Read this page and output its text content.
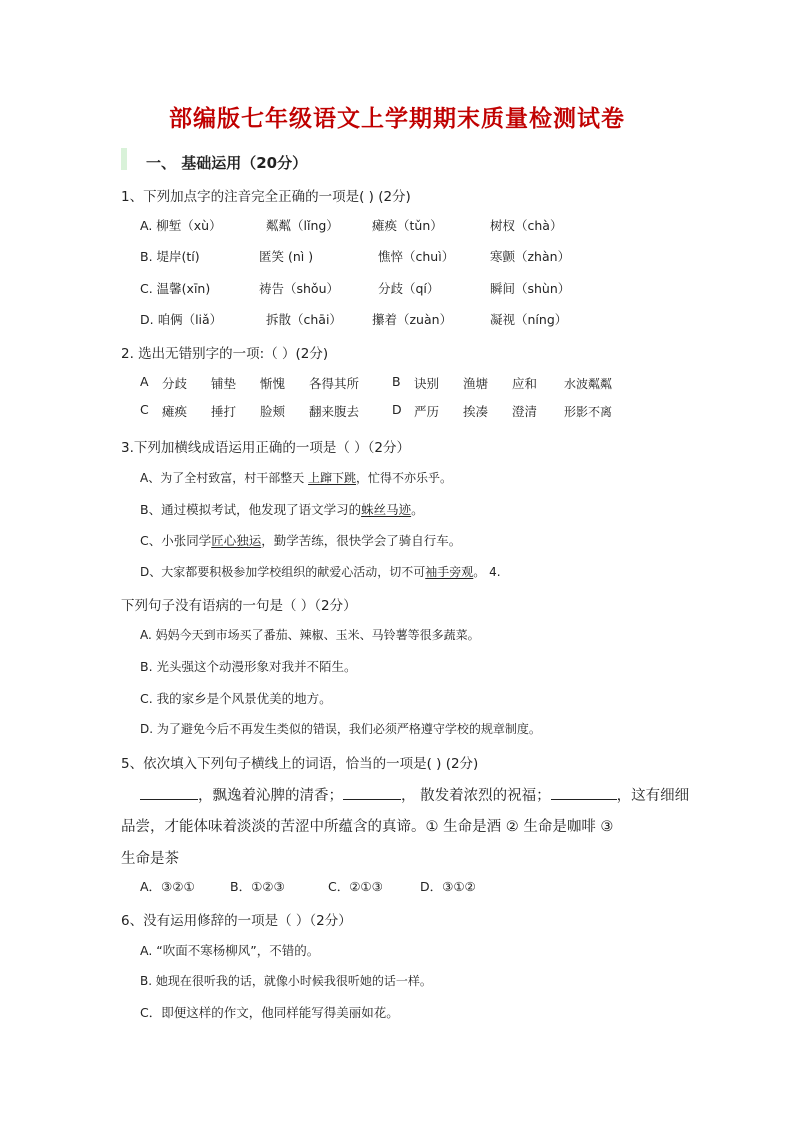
部编版七年级语文上学期期末质量检测试卷
一、 基础运用（20分）
1、下列加点字的注音完全正确的一项是( ) (2分)
A. 柳堑（xù）	粼粼（lǐng）	瘫痪（tǔn）	树杈（chà）
B. 堤岸(tí)	匿笑 (nì )	憔悴（chuì）	寒颤（zhàn）
C. 温馨(xīn)	祷告（shǒu）	分歧（qí）	瞬间（shùn）
D. 咱俩（liǎ）	拆散（chāi） 攥着（zuàn）	凝视（níng）
2. 选出无错别字的一项:（ ）(2分)
A 分歧 铺垫 惭愧 各得其所	B 诀别 渔塘 应和 水波粼粼
C 瘫痪 捶打 脸颊 翻来腹去	D 严历 挨凑 澄清 形影不离
3.下列加横线成语运用正确的一项是（ ）（2分）
A、为了全村致富，村干部整天 上蹿下跳，忙得不亦乐乎。
B、通过模拟考试，他发现了语文学习的蛛丝马迹。
C、小张同学匠心独运，勤学苦练，很快学会了骑自行车。
D、大家都要积极参加学校组织的献爱心活动，切不可袖手旁观。 4.
下列句子没有语病的一句是（ ）（2分）
A. 妈妈今天到市场买了番茄、辣椒、玉米、马铃薯等很多蔬菜。
B. 光头强这个动漫形象对我并不陌生。
C. 我的家乡是个风景优美的地方。
D. 为了避免今后不再发生类似的错误，我们必须严格遵守学校的规章制度。
5、依次填入下列句子横线上的词语，恰当的一项是( ) (2分)
，飘逸着沁脾的清香；	， 散发着浓烈的祝福；	，这有细细
品尝，才能体味着淡淡的苦涩中所蕴含的真谛。① 生命是酒 ② 生命是咖啡 ③
生命是茶
A．③②①	B．①②③	C．②①③	D．③①②
6、没有运用修辞的一项是（ ）（2分）
A. “吹面不寒杨柳风”，不错的。
B. 她现在很听我的话，就像小时候我很听她的话一样。
C．即便这样的作文，他同样能写得美丽如花。
